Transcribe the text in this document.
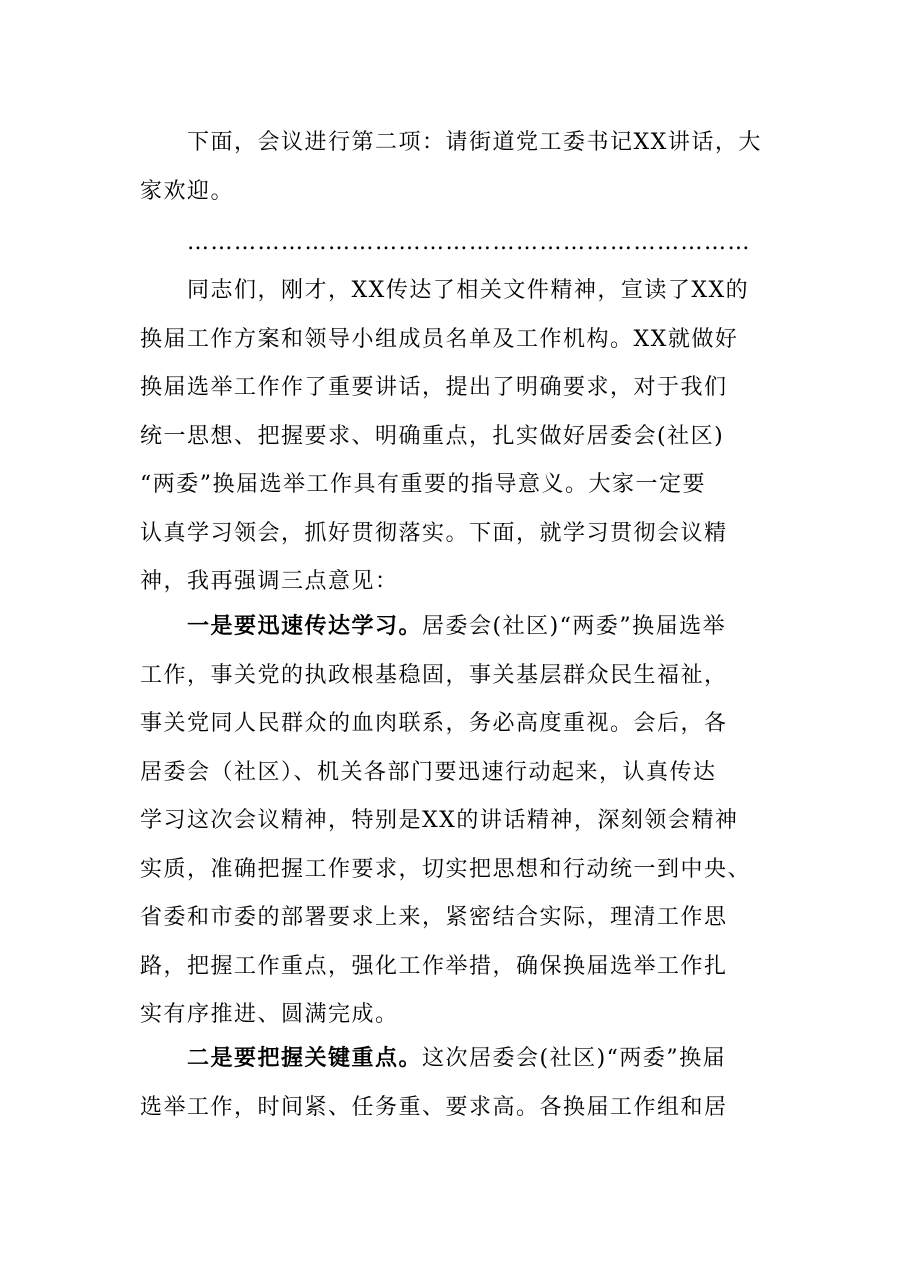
　　下面，会议进行第二项：请街道党工委书记XX讲话，大
家欢迎。
　　………………………………………………………………
　　同志们，刚才，XX传达了相关文件精神，宣读了XX的
换届工作方案和领导小组成员名单及工作机构。XX就做好
换届选举工作作了重要讲话，提出了明确要求，对于我们
统一思想、把握要求、明确重点，扎实做好居委会(社区)
“两委”换届选举工作具有重要的指导意义。大家一定要
认真学习领会，抓好贯彻落实。下面，就学习贯彻会议精
神，我再强调三点意见：
　　一是要迅速传达学习。居委会(社区)“两委”换届选举
工作，事关党的执政根基稳固，事关基层群众民生福祉，
事关党同人民群众的血肉联系，务必高度重视。会后，各
居委会（社区）、机关各部门要迅速行动起来，认真传达
学习这次会议精神，特别是XX的讲话精神，深刻领会精神
实质，准确把握工作要求，切实把思想和行动统一到中央、
省委和市委的部署要求上来，紧密结合实际，理清工作思
路，把握工作重点，强化工作举措，确保换届选举工作扎
实有序推进、圆满完成。
　　二是要把握关键重点。这次居委会(社区)“两委”换届
选举工作，时间紧、任务重、要求高。各换届工作组和居
